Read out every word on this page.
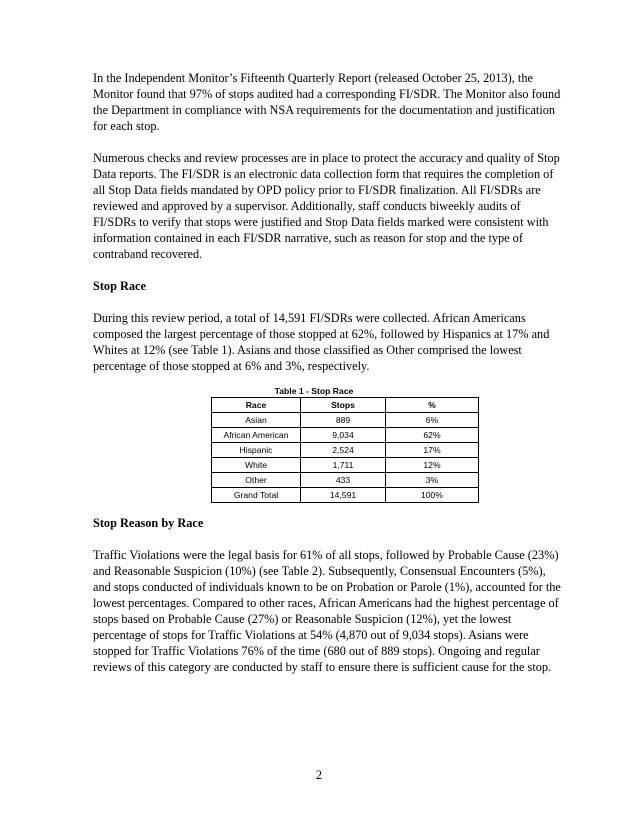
In the Independent Monitor’s Fifteenth Quarterly Report (released October 25, 2013), the Monitor found that 97% of stops audited had a corresponding FI/SDR. The Monitor also found the Department in compliance with NSA requirements for the documentation and justification for each stop.

Numerous checks and review processes are in place to protect the accuracy and quality of Stop Data reports. The FI/SDR is an electronic data collection form that requires the completion of all Stop Data fields mandated by OPD policy prior to FI/SDR finalization. All FI/SDRs are reviewed and approved by a supervisor. Additionally, staff conducts biweekly audits of FI/SDRs to verify that stops were justified and Stop Data fields marked were consistent with information contained in each FI/SDR narrative, such as reason for stop and the type of contraband recovered.

Stop Race

During this review period, a total of 14,591 FI/SDRs were collected. African Americans composed the largest percentage of those stopped at 62%, followed by Hispanics at 17% and Whites at 12% (see Table 1). Asians and those classified as Other comprised the lowest percentage of those stopped at 6% and 3%, respectively.

Table 1 - Stop Race
Race	Stops	%
Asian	889	6%
African American	9,034	62%
Hispanic	2,524	17%
White	1,711	12%
Other	433	3%
Grand Total	14,591	100%
Stop Reason by Race

Traffic Violations were the legal basis for 61% of all stops, followed by Probable Cause (23%) and Reasonable Suspicion (10%) (see Table 2). Subsequently, Consensual Encounters (5%), and stops conducted of individuals known to be on Probation or Parole (1%), accounted for the lowest percentages. Compared to other races, African Americans had the highest percentage of stops based on Probable Cause (27%) or Reasonable Suspicion (12%), yet the lowest percentage of stops for Traffic Violations at 54% (4,870 out of 9,034 stops). Asians were stopped for Traffic Violations 76% of the time (680 out of 889 stops). Ongoing and regular reviews of this category are conducted by staff to ensure there is sufficient cause for the stop.

2
